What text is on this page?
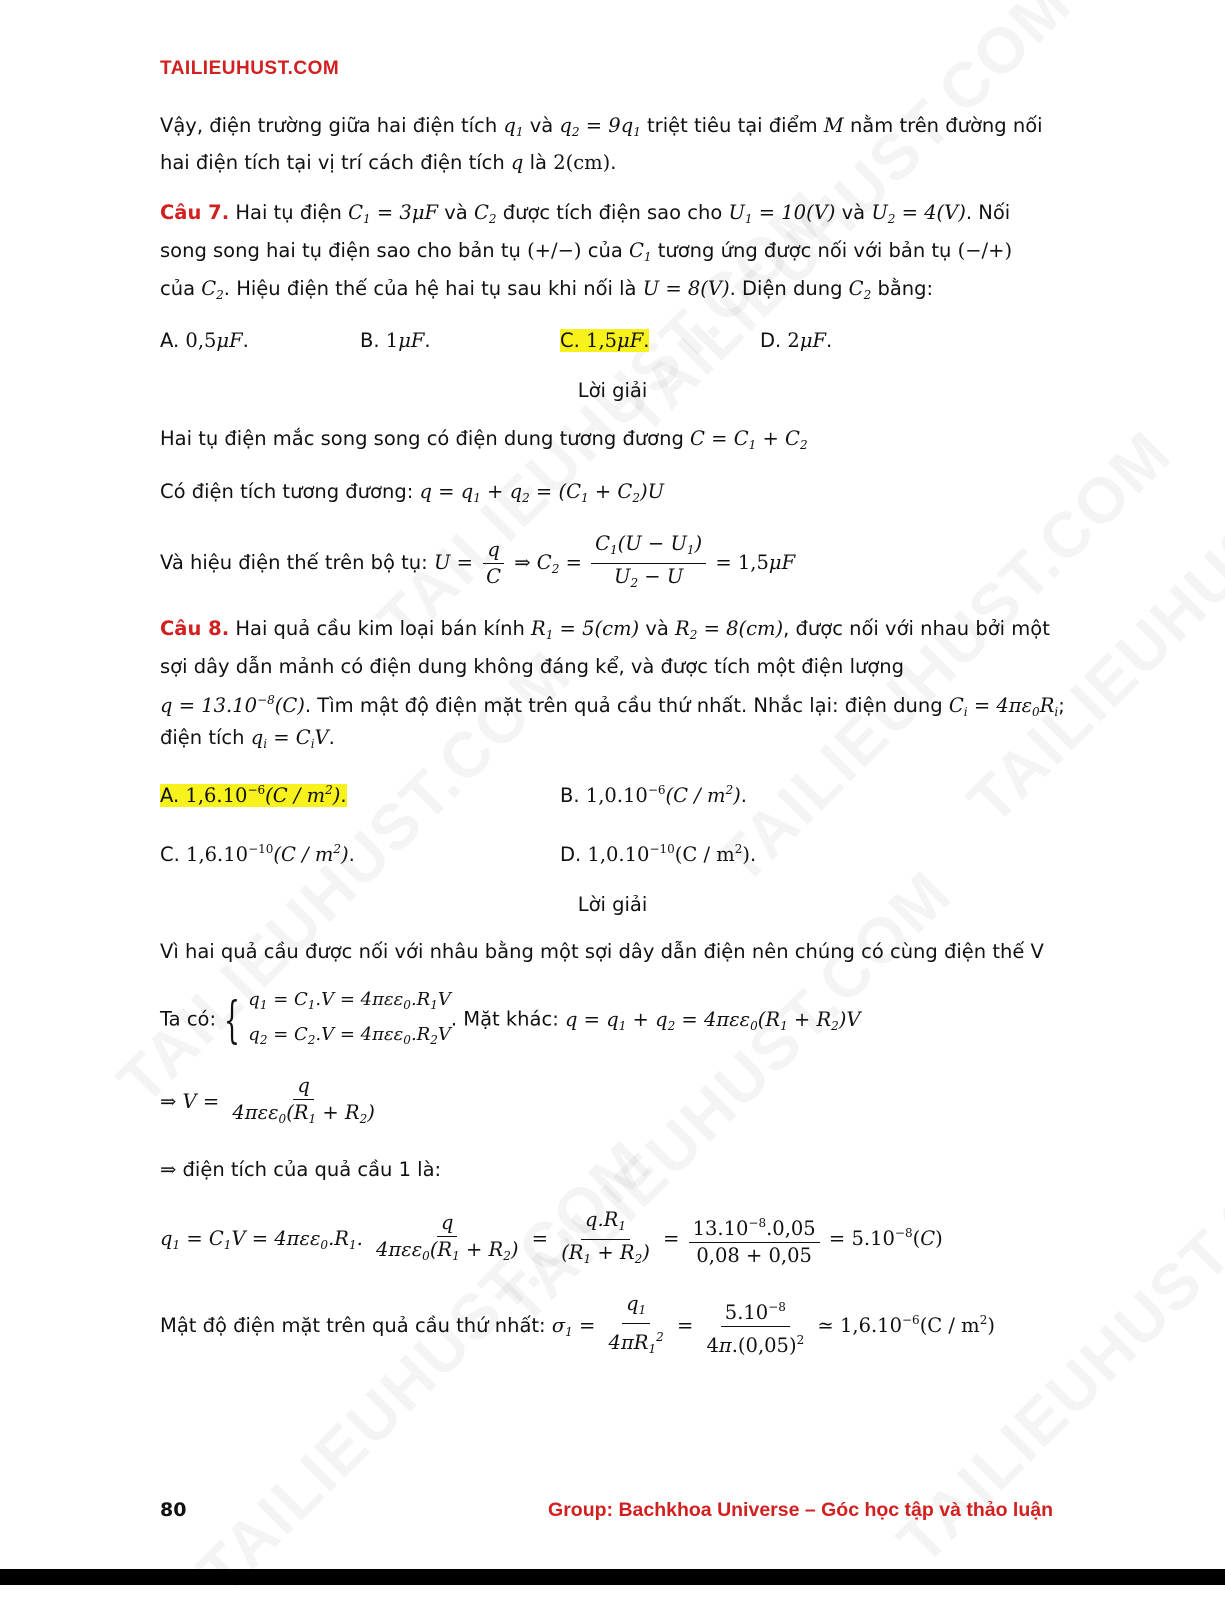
TAILIEUHUST.COM
Vậy, điện trường giữa hai điện tích $q_1$ và $q_2 = 9q_1$ triệt tiêu tại điểm M nằm trên đường nối
hai điện tích tại vị trí cách điện tích q là 2(cm).
Câu 7. Hai tụ điện $C_1 = 3\mu F$ và $C_2$ được tích điện sao cho $U_1 = 10(V)$ và $U_2 = 4(V)$. Nối
song song hai tụ điện sao cho bản tụ (+/−) của $C_1$ tương ứng được nối với bản tụ (−/+)
của $C_2$. Hiệu điện thế của hệ hai tụ sau khi nối là U = 8(V). Diện dung $C_2$ bằng:
A. 0,5μF.	B. 1μF.	C. 1,5μF.	D. 2μF.
Lời giải
Hai tụ điện mắc song song có điện dung tương đương $C = C_1 + C_2$
Có điện tích tương đương: $q = q_1 + q_2 = (C_1 + C_2)U$
Và hiệu điện thế trên bộ tụ: $U = \frac{q}{C}$ ⇒ $C_2 = \frac{C_1(U - U_1)}{U_2 - U} = 1,5\mu F$
Câu 8. Hai quả cầu kim loại bán kính $R_1 = 5(cm)$ và $R_2 = 8(cm)$, được nối với nhau bởi một
sợi dây dẫn mảnh có điện dung không đáng kể, và được tích một điện lượng
$q = 13.10^{-8}(C)$. Tìm mật độ điện mặt trên quả cầu thứ nhất. Nhắc lại: điện dung $C_i = 4\pi\varepsilon_0R_i$;
điện tích $q_i = C_iV$.
A. $1,6.10^{-6}(C / m^2)$.	B. $1,0.10^{-6}(C / m^2)$.
C. $1,6.10^{-10}(C / m^2)$.	D. $1,0.10^{-10}(C / m^2)$.
Lời giải
Vì hai quả cầu được nối với nhâu bằng một sợi dây dẫn điện nên chúng có cùng điện thế V
Ta có: { $q_1 = C_1.V = 4\pi\varepsilon\varepsilon_0.R_1V$
$q_2 = C_2.V = 4\pi\varepsilon\varepsilon_0.R_2V$
. Mặt khác: $q = q_1 + q_2 = 4\pi\varepsilon\varepsilon_0(R_1 + R_2)V$
⇒ $V = \frac{q}{4\pi\varepsilon\varepsilon_0(R_1 + R_2)}$
⇒ điện tích của quả cầu 1 là:
$q_1 = C_1V = 4\pi\varepsilon\varepsilon_0.R_1$. $\frac{q}{4\pi\varepsilon\varepsilon_0(R_1 + R_2)} = \frac{q.R_1}{(R_1 + R_2)} = \frac{13.10^{-8}.0,05}{0,08 + 0,05} = 5.10^{-8}(C)$
Mật độ điện mặt trên quả cầu thứ nhất: $\sigma_1 = \frac{q_1}{4\pi R_1^2} = \frac{5.10^{-8}}{4\pi.(0,05)^2}$ ≃ $1,6.10^{-6}(C / m^2)$
80	Group: Bachkhoa Universe – Góc học tập và thảo luận
